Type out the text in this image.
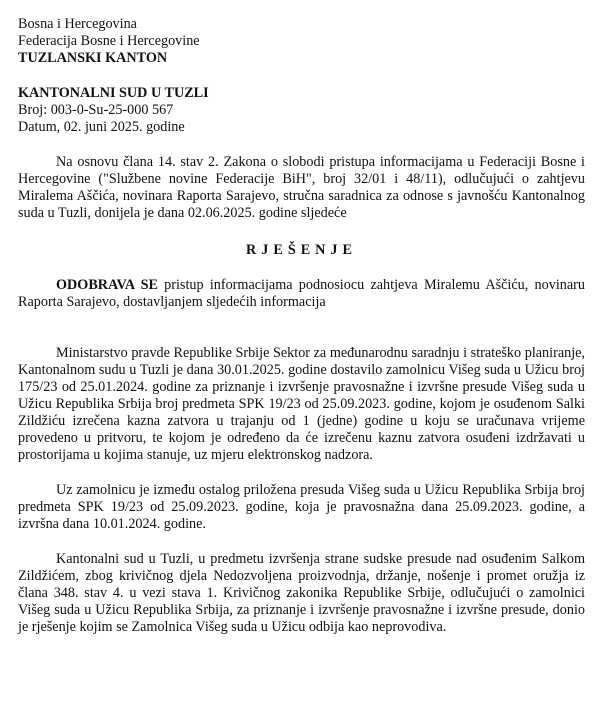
Bosna i Hercegovina
Federacija Bosne i Hercegovine
TUZLANSKI KANTON
KANTONALNI SUD U TUZLI
Broj: 003-0-Su-25-000 567
Datum, 02. juni 2025. godine

Na osnovu člana 14. stav 2. Zakona o slobodi pristupa informacijama u Federaciji Bosne i Hercegovine ("Službene novine Federacije BiH", broj 32/01 i 48/11), odlučujući o zahtjevu Miralema Aščića, novinara Raporta Sarajevo, stručna saradnica za odnose s javnošću Kantonalnog suda u Tuzli, donijela je dana 02.06.2025. godine sljedeće

RJEŠENJE

ODOBRAVA SE pristup informacijama podnosiocu zahtjeva Miralemu Aščiću, novinaru Raporta Sarajevo, dostavljanjem sljedećih informacija

Ministarstvo pravde Republike Srbije Sektor za međunarodnu saradnju i strateško planiranje, Kantonalnom sudu u Tuzli je dana 30.01.2025. godine dostavilo zamolnicu Višeg suda u Užicu broj 175/23 od 25.01.2024. godine za priznanje i izvršenje pravosnažne i izvršne presude Višeg suda u Užicu Republika Srbija broj predmeta SPK 19/23 od 25.09.2023. godine, kojom je osuđenom Salki Zildžiću izrečena kazna zatvora u trajanju od 1 (jedne) godine u koju se uračunava vrijeme provedeno u pritvoru, te kojom je određeno da će izrečenu kaznu zatvora osuđeni izdržavati u prostorijama u kojima stanuje, uz mjeru elektronskog nadzora.

Uz zamolnicu je između ostalog priložena presuda Višeg suda u Užicu Republika Srbija broj predmeta SPK 19/23 od 25.09.2023. godine, koja je pravosnažna dana 25.09.2023. godine, a izvršna dana 10.01.2024. godine.

Kantonalni sud u Tuzli, u predmetu izvršenja strane sudske presude nad osuđenim Salkom Zildžićem, zbog krivičnog djela Nedozvoljena proizvodnja, držanje, nošenje i promet oružja iz člana 348. stav 4. u vezi stava 1. Krivičnog zakonika Republike Srbije, odlučujući o zamolnici Višeg suda u Užicu Republika Srbija, za priznanje i izvršenje pravosnažne i izvršne presude, donio je rješenje kojim se Zamolnica Višeg suda u Užicu odbija kao neprovodiva.
